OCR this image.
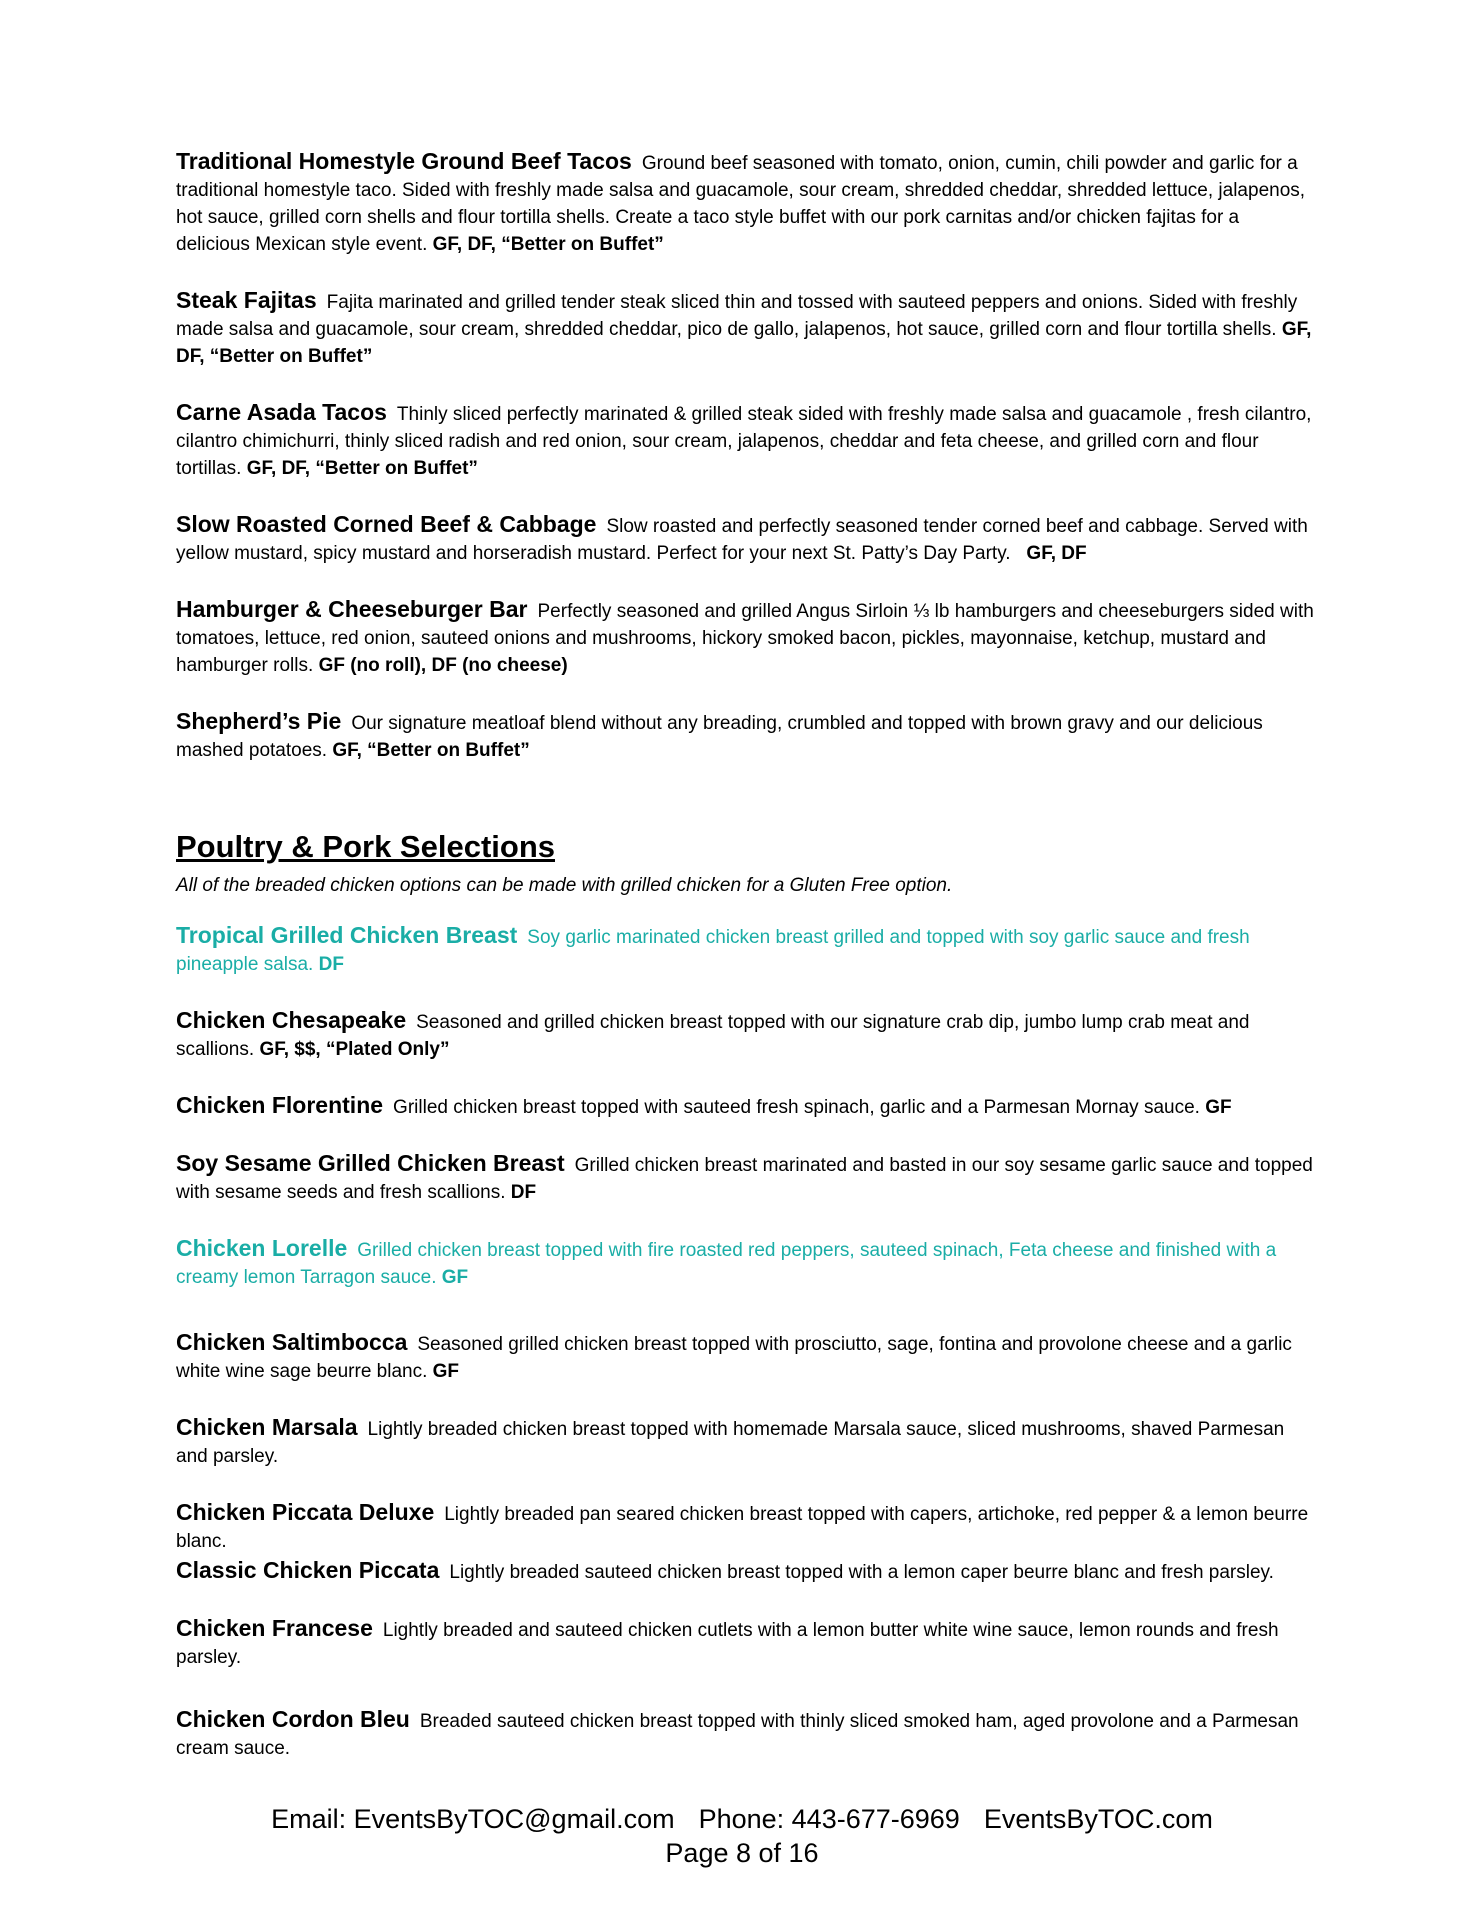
Traditional Homestyle Ground Beef Tacos Ground beef seasoned with tomato, onion, cumin, chili powder and garlic for a traditional homestyle taco. Sided with freshly made salsa and guacamole, sour cream, shredded cheddar, shredded lettuce, jalapenos, hot sauce, grilled corn shells and flour tortilla shells. Create a taco style buffet with our pork carnitas and/or chicken fajitas for a delicious Mexican style event. GF, DF, “Better on Buffet”

Steak Fajitas Fajita marinated and grilled tender steak sliced thin and tossed with sauteed peppers and onions. Sided with freshly made salsa and guacamole, sour cream, shredded cheddar, pico de gallo, jalapenos, hot sauce, grilled corn and flour tortilla shells. GF, DF, “Better on Buffet”

Carne Asada Tacos Thinly sliced perfectly marinated & grilled steak sided with freshly made salsa and guacamole , fresh cilantro, cilantro chimichurri, thinly sliced radish and red onion, sour cream, jalapenos, cheddar and feta cheese, and grilled corn and flour tortillas. GF, DF, “Better on Buffet”

Slow Roasted Corned Beef & Cabbage Slow roasted and perfectly seasoned tender corned beef and cabbage. Served with yellow mustard, spicy mustard and horseradish mustard. Perfect for your next St. Patty’s Day Party. GF, DF

Hamburger & Cheeseburger Bar Perfectly seasoned and grilled Angus Sirloin ⅓ lb hamburgers and cheeseburgers sided with tomatoes, lettuce, red onion, sauteed onions and mushrooms, hickory smoked bacon, pickles, mayonnaise, ketchup, mustard and hamburger rolls. GF (no roll), DF (no cheese)

Shepherd’s Pie Our signature meatloaf blend without any breading, crumbled and topped with brown gravy and our delicious mashed potatoes. GF, “Better on Buffet”

Poultry & Pork Selections

All of the breaded chicken options can be made with grilled chicken for a Gluten Free option.

Tropical Grilled Chicken Breast Soy garlic marinated chicken breast grilled and topped with soy garlic sauce and fresh pineapple salsa. DF

Chicken Chesapeake Seasoned and grilled chicken breast topped with our signature crab dip, jumbo lump crab meat and scallions. GF, $$, “Plated Only”

Chicken Florentine Grilled chicken breast topped with sauteed fresh spinach, garlic and a Parmesan Mornay sauce. GF

Soy Sesame Grilled Chicken Breast Grilled chicken breast marinated and basted in our soy sesame garlic sauce and topped with sesame seeds and fresh scallions. DF

Chicken Lorelle Grilled chicken breast topped with fire roasted red peppers, sauteed spinach, Feta cheese and finished with a creamy lemon Tarragon sauce. GF

Chicken Saltimbocca Seasoned grilled chicken breast topped with prosciutto, sage, fontina and provolone cheese and a garlic white wine sage beurre blanc. GF

Chicken Marsala Lightly breaded chicken breast topped with homemade Marsala sauce, sliced mushrooms, shaved Parmesan and parsley.

Chicken Piccata Deluxe Lightly breaded pan seared chicken breast topped with capers, artichoke, red pepper & a lemon beurre blanc.

Classic Chicken Piccata Lightly breaded sauteed chicken breast topped with a lemon caper beurre blanc and fresh parsley.

Chicken Francese Lightly breaded and sauteed chicken cutlets with a lemon butter white wine sauce, lemon rounds and fresh parsley.

Chicken Cordon Bleu Breaded sauteed chicken breast topped with thinly sliced smoked ham, aged provolone and a Parmesan cream sauce.

Email: EventsByTOC@gmail.com Phone: 443-677-6969 EventsByTOC.com
Page 8 of 16
